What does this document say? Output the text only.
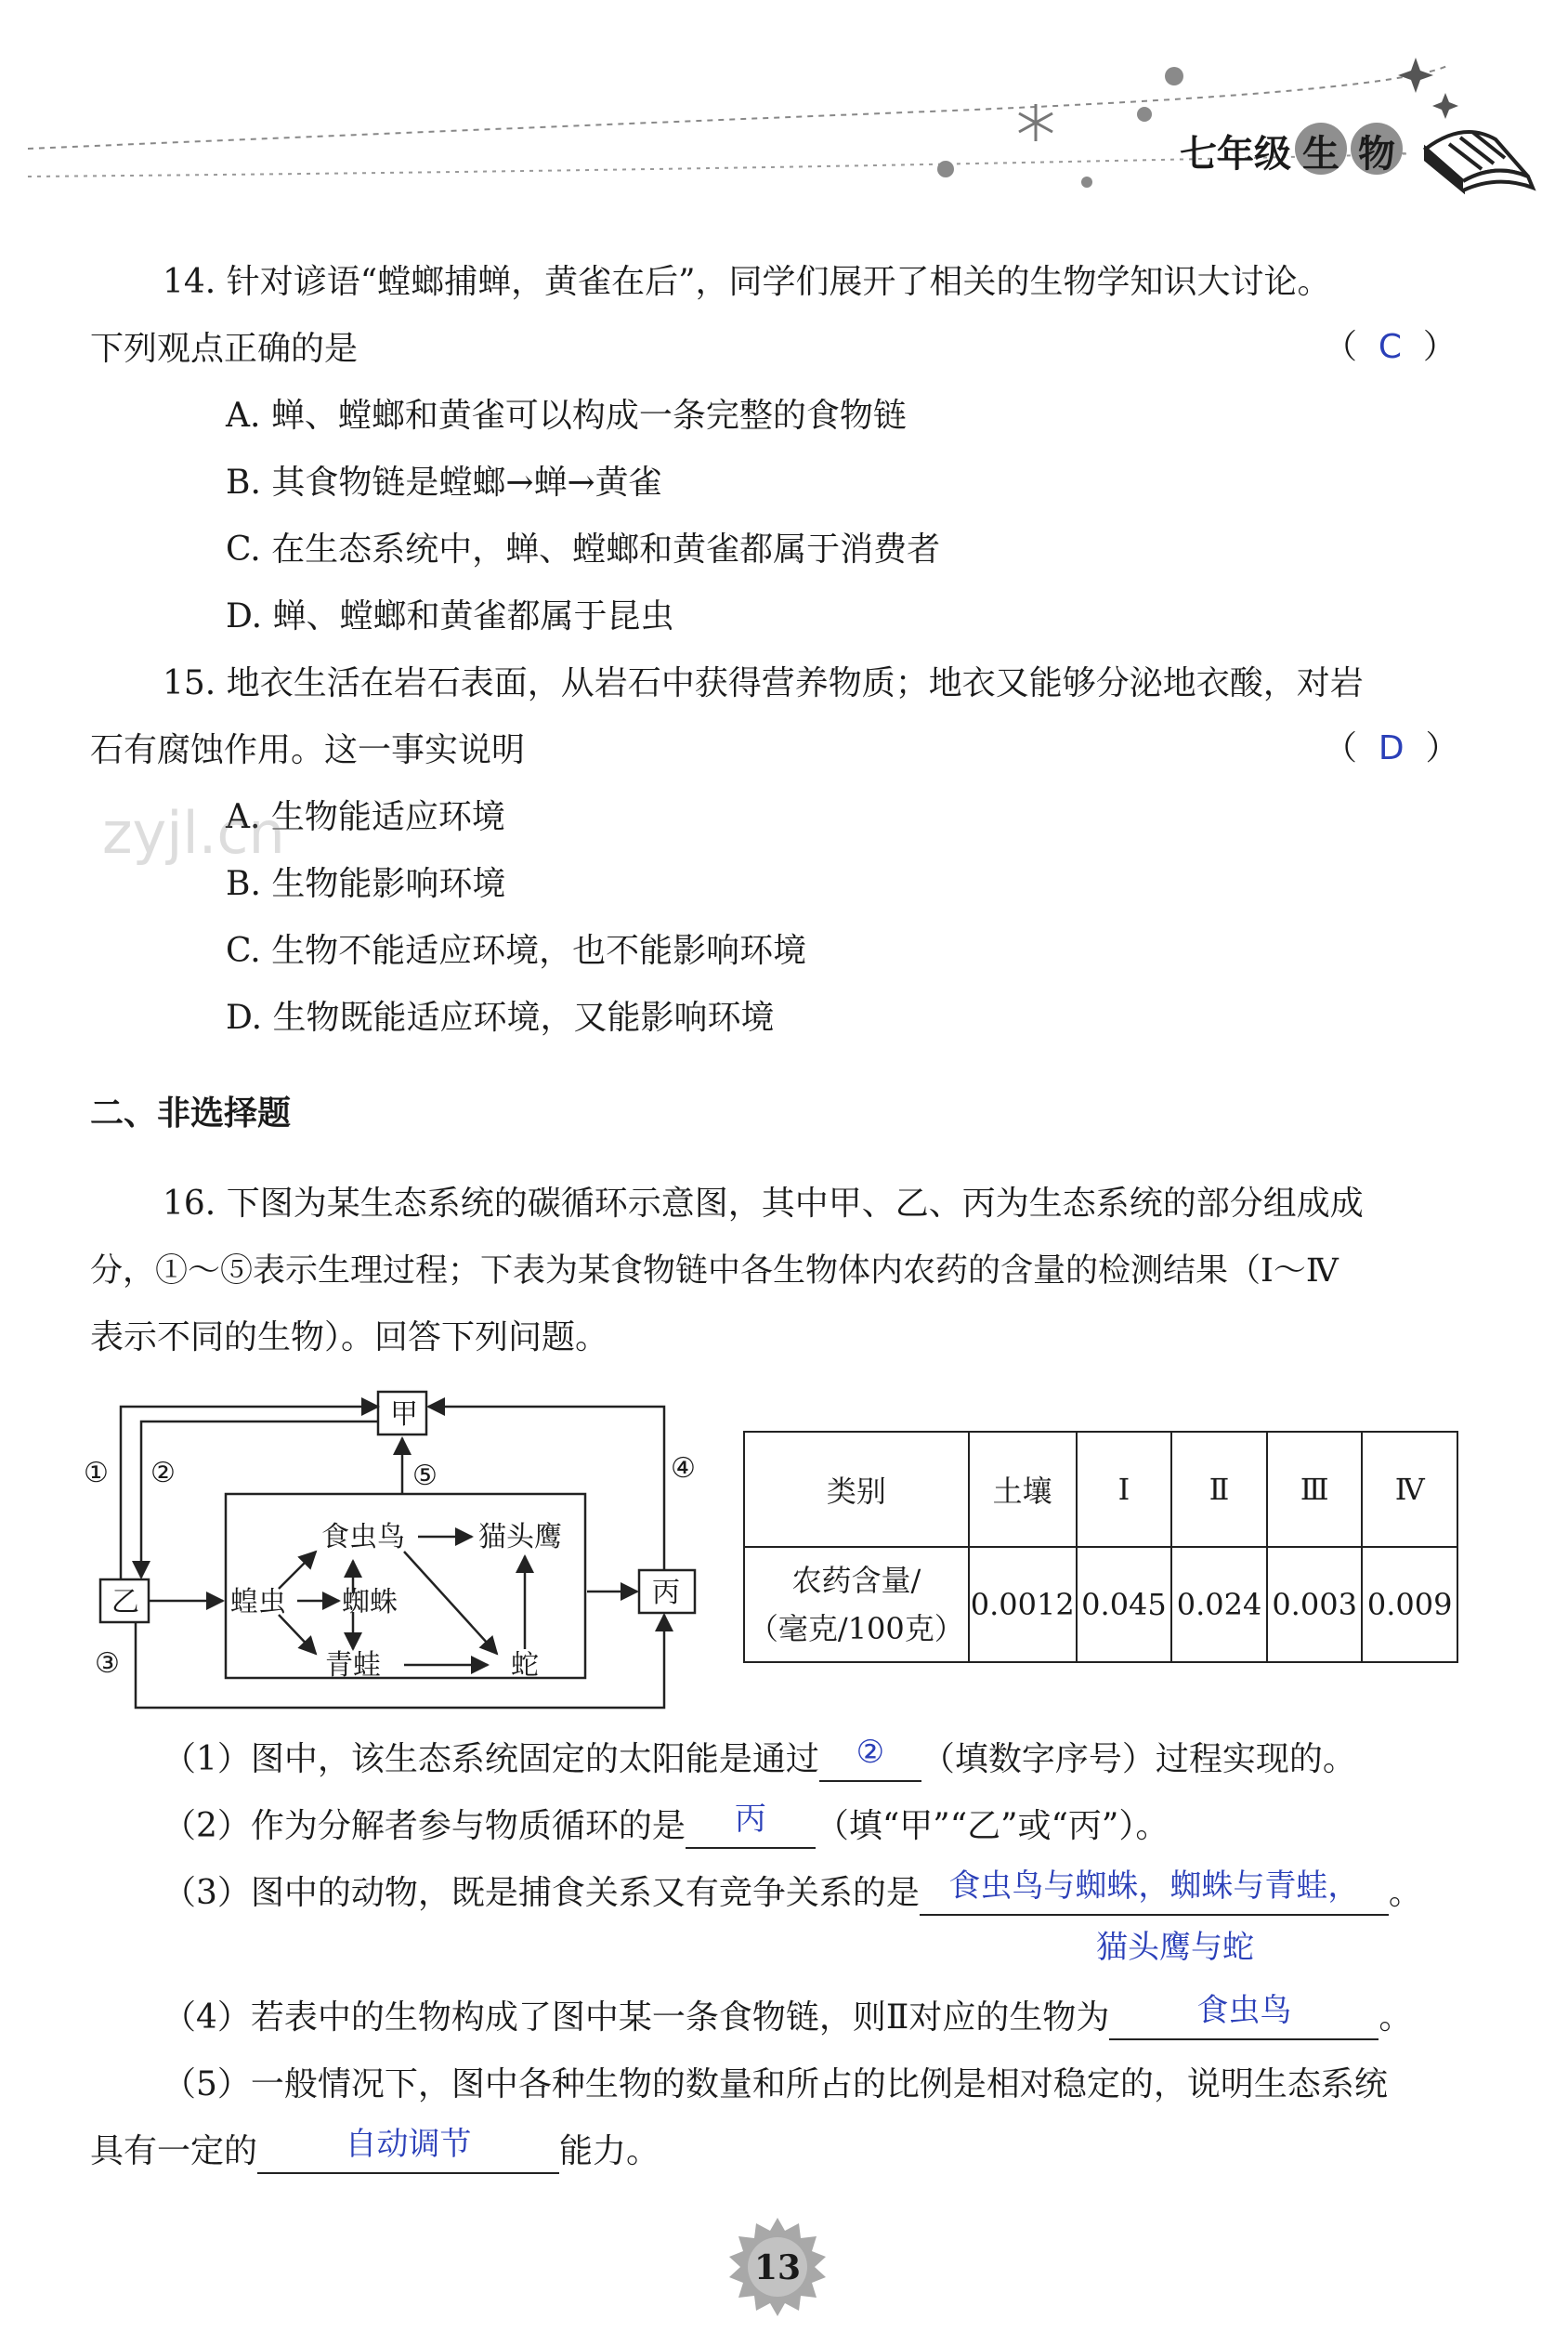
七年级 生 物
14. 针对谚语“螳螂捕蝉，黄雀在后”，同学们展开了相关的生物学知识大讨论。
下列观点正确的是	（  C  ）
A. 蝉、螳螂和黄雀可以构成一条完整的食物链
B. 其食物链是螳螂→蝉→黄雀
C. 在生态系统中，蝉、螳螂和黄雀都属于消费者
D. 蝉、螳螂和黄雀都属于昆虫
15. 地衣生活在岩石表面，从岩石中获得营养物质；地衣又能够分泌地衣酸，对岩
石有腐蚀作用。这一事实说明	（  D  ）
A. 生物能适应环境
B. 生物能影响环境
C. 生物不能适应环境，也不能影响环境
D. 生物既能适应环境，又能影响环境
zyjl.cn
二、非选择题
16. 下图为某生态系统的碳循环示意图，其中甲、乙、丙为生态系统的部分组成成
分，①～⑤表示生理过程；下表为某食物链中各生物体内农药的含量的检测结果（Ⅰ～Ⅳ
表示不同的生物）。回答下列问题。
甲
乙	丙
① ②
③
④
⑤
蝗虫
食虫鸟	猫头鹰
蜘蛛
青蛙	蛇
类别	土壤	Ⅰ	Ⅱ	Ⅲ	Ⅳ

农药含量/
（毫克/100克）	0.0012	0.045	0.024	0.003	0.009
（1）图中，该生态系统固定的太阳能是通过	②	（填数字序号）过程实现的。
（2）作为分解者参与物质循环的是	丙	（填“甲”“乙”或“丙”）。
（3）图中的动物，既是捕食关系又有竞争关系的是 食虫鸟与蜘蛛，蜘蛛与青蛙， 。
猫头鹰与蛇
（4）若表中的生物构成了图中某一条食物链，则Ⅱ对应的生物为	食虫鸟	。
（5）一般情况下，图中各种生物的数量和所占的比例是相对稳定的，说明生态系统
具有一定的	自动调节	能力。
13
